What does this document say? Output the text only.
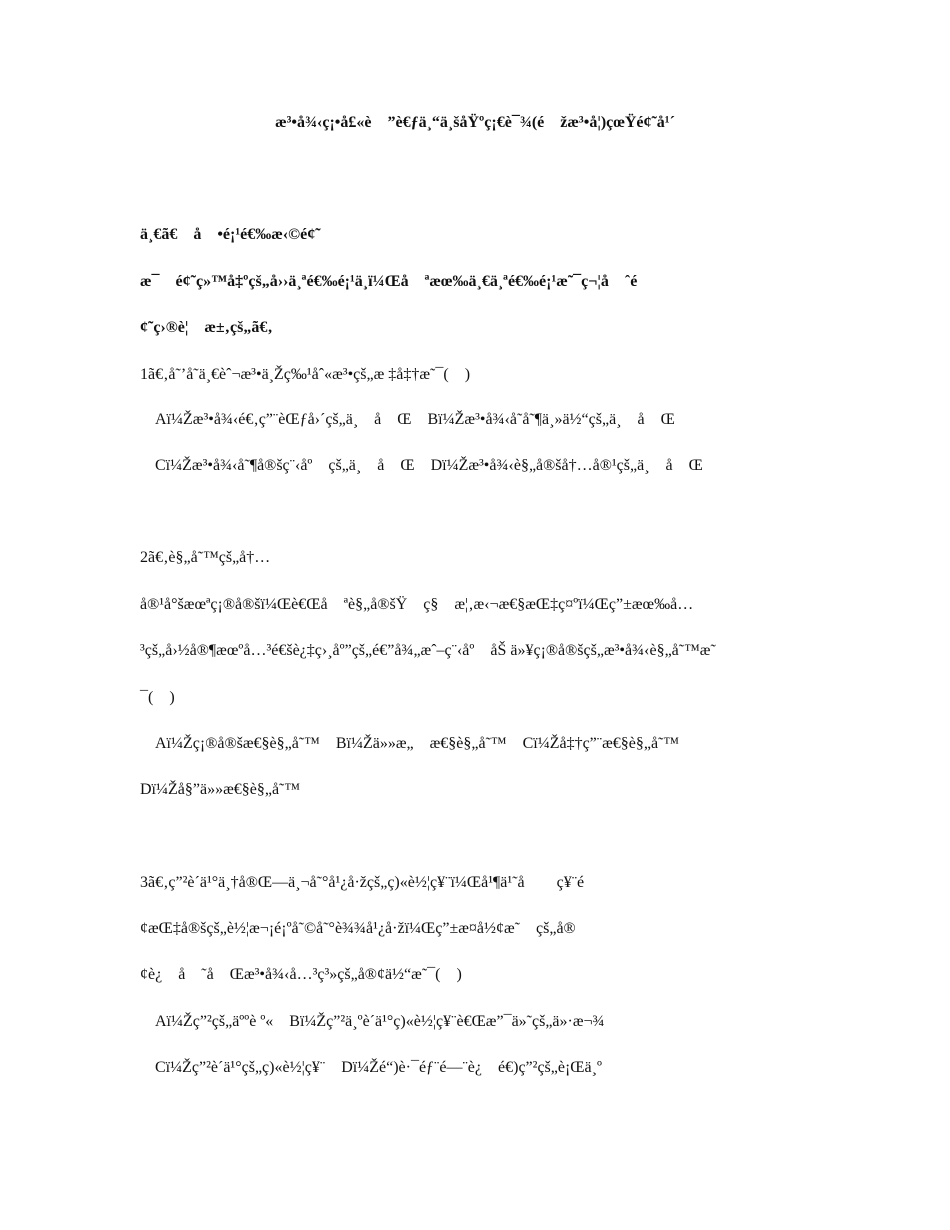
æ³•å¾‹ç¡•å£«è　”è€ƒä¸“ä¸šåŸºç¡€è¯¾(é　žæ³•å¦)çœŸé¢˜å¹´
ä¸€ã€　å　•é¡¹é€‰æ‹©é¢˜
æ¯　é¢˜ç»™å‡ºçš„å››ä¸ªé€‰é¡¹ä¸ï¼Œå　ªæœ‰ä¸€ä¸ªé€‰é¡¹æ˜¯ç¬¦å　ˆé
¢˜ç›®è¦　æ±‚çš„ã€‚
1ã€‚å˜’å˜ä¸€èˆ¬æ³•ä¸Žç‰¹åˆ«æ³•çš„æ ‡å‡†æ˜¯(　)
Aï¼Žæ³•å¾‹é€‚ç”¨èŒƒå›´çš„ä¸　å　Œ　Bï¼Žæ³•å¾‹å˜å˜¶ä¸»ä½“çš„ä¸　å　Œ
Cï¼Žæ³•å¾‹å˜¶å®šç¨‹åº　çš„ä¸　å　Œ　Dï¼Žæ³•å¾‹è§„å®šå†…å®¹çš„ä¸　å　Œ
2ã€‚è§„å˜™çš„å†…
å®¹å°šæœªç¡®å®šï¼Œè€Œå　ªè§„å®šŸ　ç§　æ¦‚æ‹¬æ€§æŒ‡ç¤ºï¼Œç”±æœ‰å…
³çš„å›½å®¶æœºå…³é€šè¿‡ç›¸åº”çš„é€”å¾„æˆ–ç¨‹åº　åŠ ä»¥ç¡®å®šçš„æ³•å¾‹è§„å˜™æ˜
¯(　)
Aï¼Žç¡®å®šæ€§è§„å˜™　Bï¼Žä»»æ„　æ€§è§„å˜™　Cï¼Žå‡†ç”¨æ€§è§„å˜™
Dï¼Žå§”ä»»æ€§è§„å˜™
3ã€‚ç”²è´ä¹°ä¸†å®Œ—ä¸¬å˜°å¹¿å·žçš„ç)«è½¦ç¥¨ï¼Œå¹¶ä¹˜å　　ç¥¨é
¢æŒ‡å®šçš„è½¦æ¬¡é¡ºå˜©å˜°è¾¾å¹¿å·žï¼Œç”±æ¤å½¢æ˜　çš„å®
¢è¿　å　˜å　Œæ³•å¾‹å…³ç³»çš„å®¢ä½“æ˜¯(　)
Aï¼Žç”²çš„äººè º«　Bï¼Žç”²ä¸ºè´ä¹°ç)«è½¦ç¥¨è€Œæ”¯ä»˜çš„ä»·æ¬¾
Cï¼Žç”²è´ä¹°çš„ç)«è½¦ç¥¨　Dï¼Žé“)è·¯éƒ¨é—¨è¿　é€)ç”²çš„è¡Œä¸º
